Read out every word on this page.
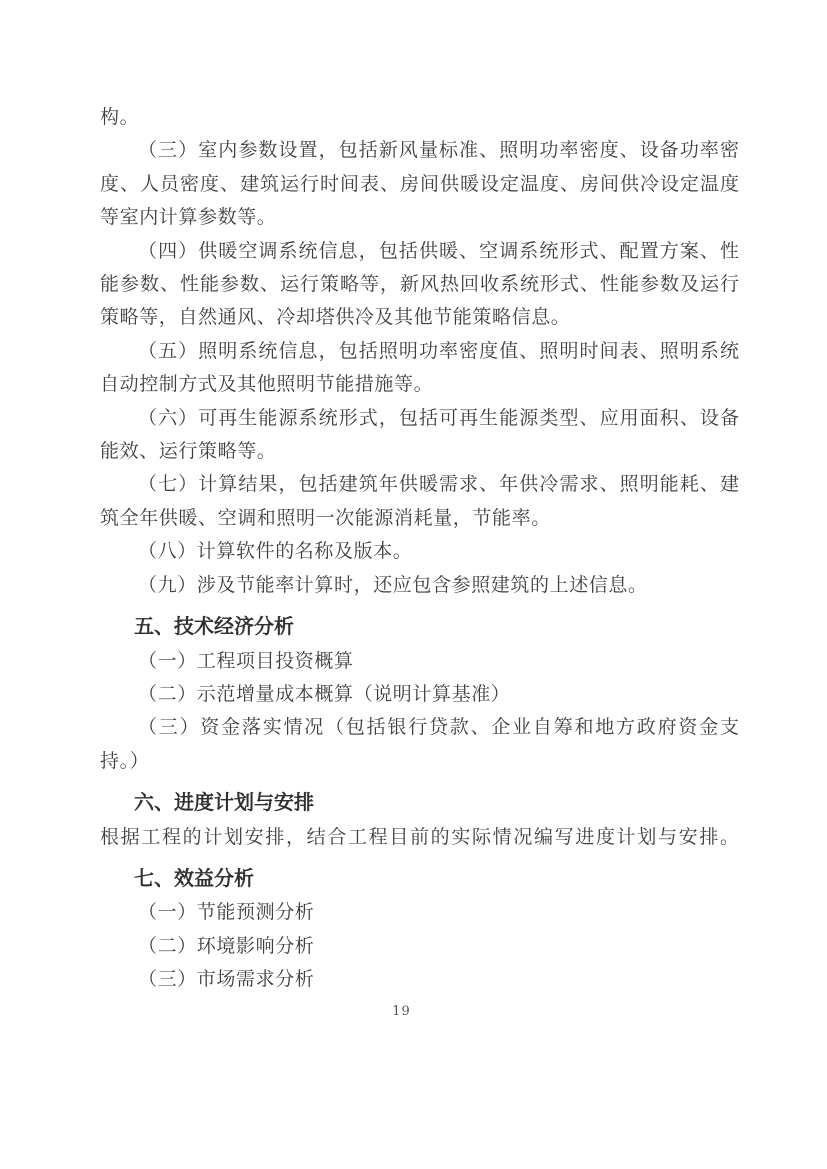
构。
（三）室内参数设置，包括新风量标准、照明功率密度、设备功率密
度、人员密度、建筑运行时间表、房间供暖设定温度、房间供冷设定温度
等室内计算参数等。
（四）供暖空调系统信息，包括供暖、空调系统形式、配置方案、性
能参数、性能参数、运行策略等，新风热回收系统形式、性能参数及运行
策略等，自然通风、冷却塔供冷及其他节能策略信息。
（五）照明系统信息，包括照明功率密度值、照明时间表、照明系统
自动控制方式及其他照明节能措施等。
（六）可再生能源系统形式，包括可再生能源类型、应用面积、设备
能效、运行策略等。
（七）计算结果，包括建筑年供暖需求、年供冷需求、照明能耗、建
筑全年供暖、空调和照明一次能源消耗量，节能率。
（八）计算软件的名称及版本。
（九）涉及节能率计算时，还应包含参照建筑的上述信息。
五、技术经济分析
（一）工程项目投资概算
（二）示范增量成本概算（说明计算基准）
（三）资金落实情况（包括银行贷款、企业自筹和地方政府资金支
持。）
六、进度计划与安排
根据工程的计划安排，结合工程目前的实际情况编写进度计划与安排。
七、效益分析
（一）节能预测分析
（二）环境影响分析
（三）市场需求分析
19
